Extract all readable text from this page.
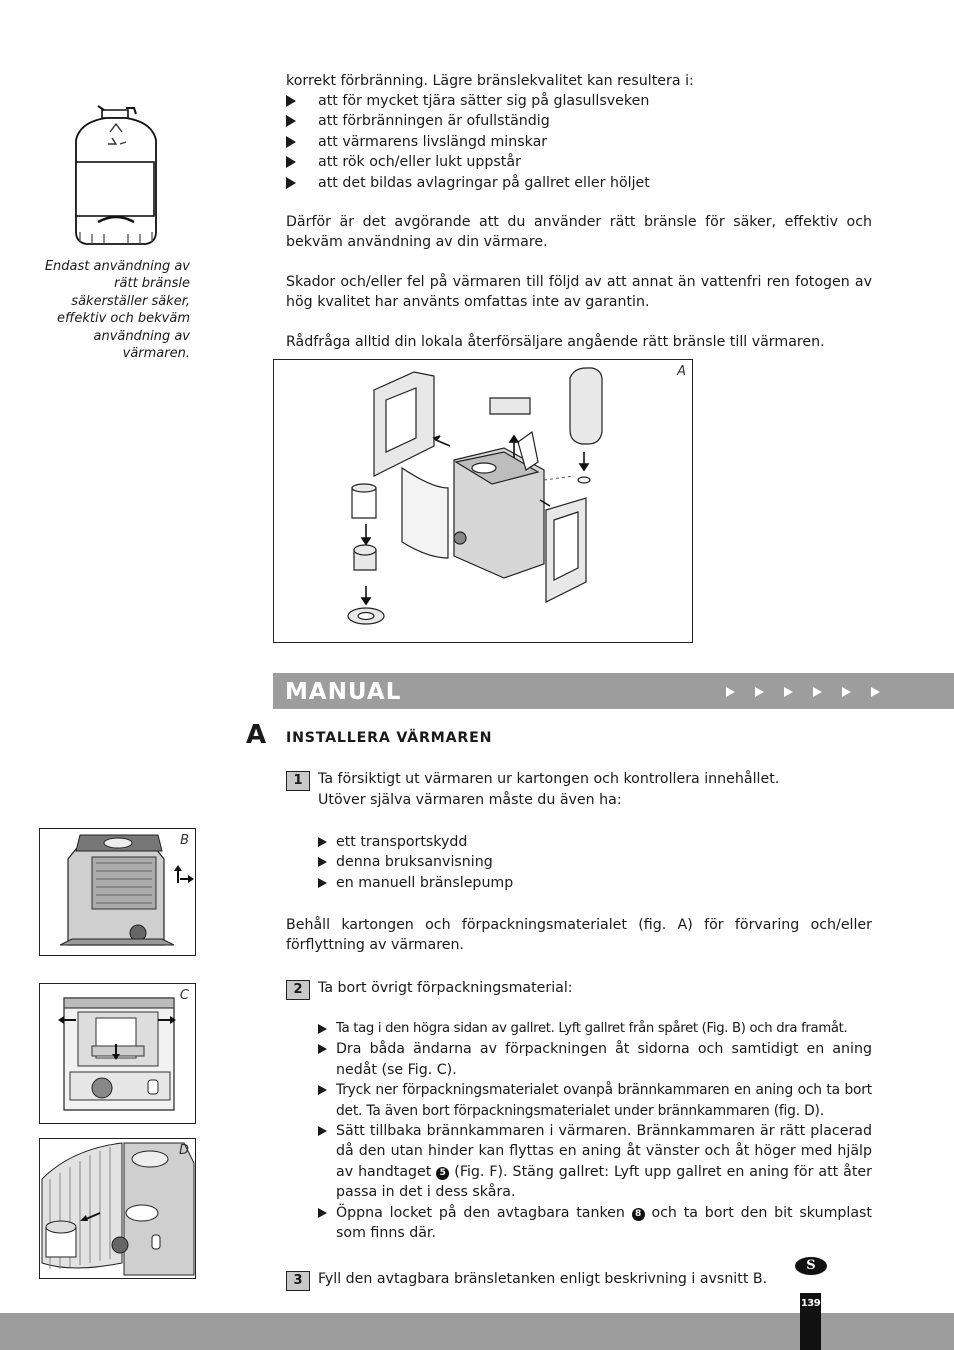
Endast användning av rätt bränsle säkerställer säker, effektiv och bekväm användning av värmaren.

korrekt förbränning. Lägre bränslekvalitet kan resultera i:

att för mycket tjära sätter sig på glasullsveken
att förbränningen är ofullständig
att värmarens livslängd minskar
att rök och/eller lukt uppstår
att det bildas avlagringar på gallret eller höljet

Därför är det avgörande att du använder rätt bränsle för säker, effektiv och bekväm användning av din värmare.

Skador och/eller fel på värmaren till följd av att annat än vattenfri ren fotogen av hög kvalitet har använts omfattas inte av garantin.

Rådfråga alltid din lokala återförsäljare angående rätt bränsle till värmaren.

A
MANUAL
A INSTALLERA VÄRMAREN
1	Ta försiktigt ut värmaren ur kartongen och kontrollera innehållet.

Utöver själva värmaren måste du även ha:

ett transportskydd
denna bruksanvisning
en manuell bränslepump

Behåll kartongen och förpackningsmaterialet (fig. A) för förvaring och/eller förflyttning av värmaren.

2	Ta bort övrigt förpackningsmaterial:

Ta tag i den högra sidan av gallret. Lyft gallret från spåret (Fig. B) och dra framåt.
Dra båda ändarna av förpackningen åt sidorna och samtidigt en aning nedåt (se Fig. C).
Tryck ner förpackningsmaterialet ovanpå brännkammaren en aning och ta bort det. Ta även bort förpackningsmaterialet under brännkammaren (fig. D).
Sätt tillbaka brännkammaren i värmaren. Brännkammaren är rätt placerad då den utan hinder kan flyttas en aning åt vänster och åt höger med hjälp av handtaget 5 (Fig. F). Stäng gallret: Lyft upp gallret en aning för att åter passa in det i dess skåra.
Öppna locket på den avtagbara tanken 8 och ta bort den bit skumplast som finns där.
3	Fyll den avtagbara bränsletanken enligt beskrivning i avsnitt B.

B
C
D
S
139
